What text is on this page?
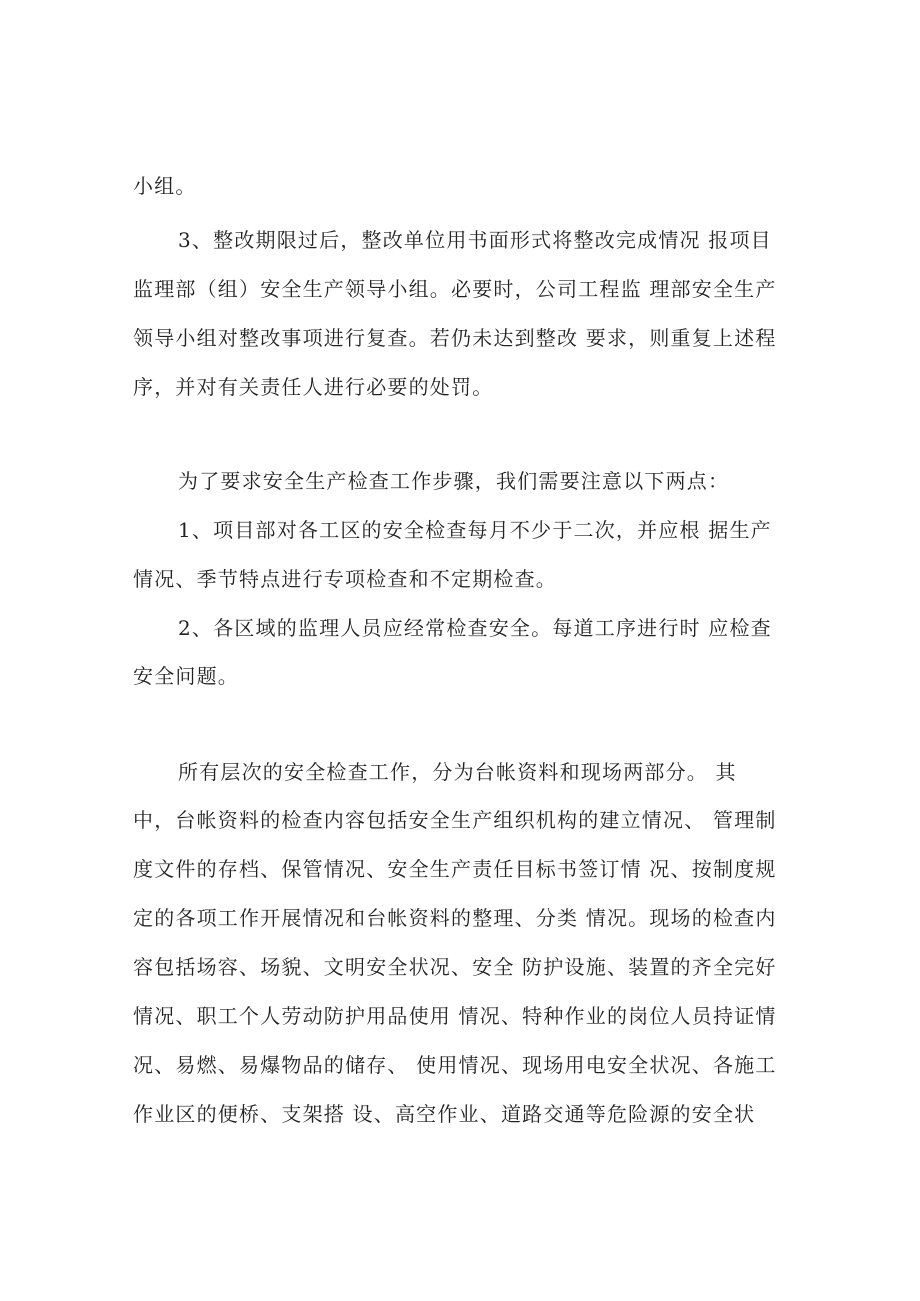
小组。

3、整改期限过后，整改单位用书面形式将整改完成情况 报项目

监理部（组）安全生产领导小组。必要时，公司工程监 理部安全生产

领导小组对整改事项进行复查。若仍未达到整改 要求，则重复上述程

序，并对有关责任人进行必要的处罚。

为了要求安全生产检查工作步骤，我们需要注意以下两点：

1、项目部对各工区的安全检查每月不少于二次，并应根 据生产

情况、季节特点进行专项检查和不定期检查。

2、各区域的监理人员应经常检查安全。每道工序进行时 应检查

安全问题。

所有层次的安全检查工作，分为台帐资料和现场两部分。 其

中，台帐资料的检查内容包括安全生产组织机构的建立情况、 管理制

度文件的存档、保管情况、安全生产责任目标书签订情 况、按制度规

定的各项工作开展情况和台帐资料的整理、分类 情况。现场的检查内

容包括场容、场貌、文明安全状况、安全 防护设施、装置的齐全完好

情况、职工个人劳动防护用品使用 情况、特种作业的岗位人员持证情

况、易燃、易爆物品的储存、 使用情况、现场用电安全状况、各施工

作业区的便桥、支架搭 设、高空作业、道路交通等危险源的安全状
